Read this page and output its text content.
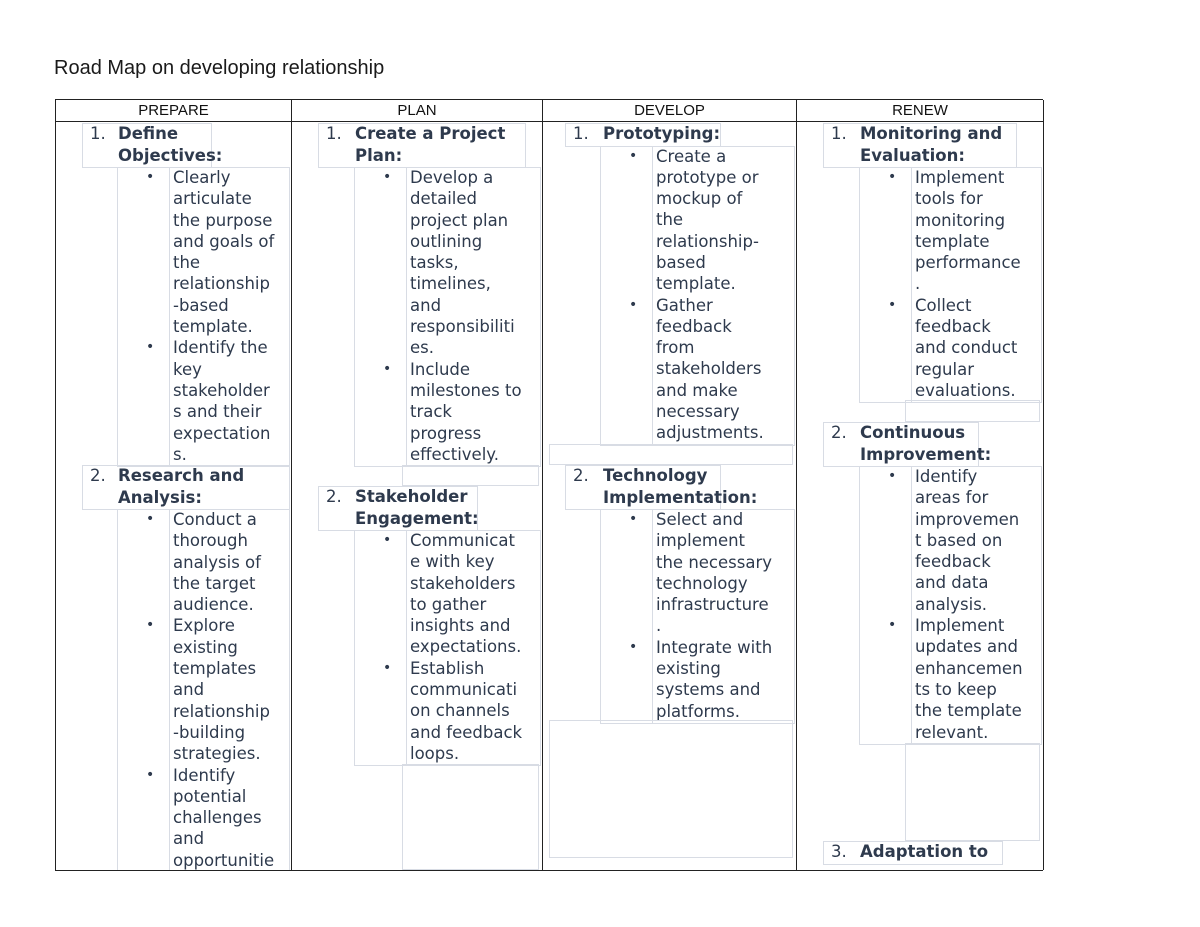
Road Map on developing relationship
PREPARE
1. Define
Objectives:
• Clearly
articulate
the purpose
and goals of
the
relationship
-based
template.
• Identify the
key
stakeholder
s and their
expectation
s.
2. Research and
Analysis:
• Conduct a
thorough
analysis of
the target
audience.
• Explore
existing
templates
and
relationship
-building
strategies.
• Identify
potential
challenges
and
opportunitie
PLAN
1. Create a Project
Plan:
• Develop a
detailed
project plan
outlining
tasks,
timelines,
and
responsibiliti
es.
• Include
milestones to
track
progress
effectively.
2. Stakeholder
Engagement:
• Communicat
e with key
stakeholders
to gather
insights and
expectations.
• Establish
communicati
on channels
and feedback
loops.
DEVELOP
1. Prototyping:
• Create a
prototype or
mockup of
the
relationship-
based
template.
• Gather
feedback
from
stakeholders
and make
necessary
adjustments.
2. Technology
Implementation:
• Select and
implement
the necessary
technology
infrastructure
.
• Integrate with
existing
systems and
platforms.
RENEW
1. Monitoring and
Evaluation:
• Implement
tools for
monitoring
template
performance
.
• Collect
feedback
and conduct
regular
evaluations.
2. Continuous
Improvement:
• Identify
areas for
improvemen
t based on
feedback
and data
analysis.
• Implement
updates and
enhancemen
ts to keep
the template
relevant.
3. Adaptation to
